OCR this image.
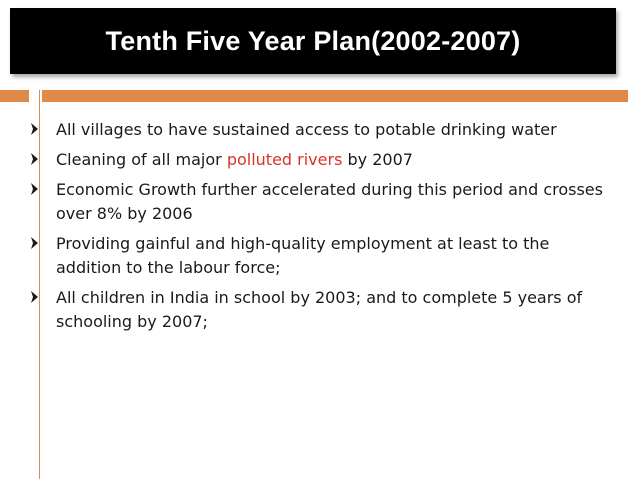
Tenth Five Year Plan(2002-2007)
All villages to have sustained access to potable drinking water
Cleaning of all major polluted rivers by 2007
Economic Growth further accelerated during this period and crosses over 8% by 2006
Providing gainful and high-quality employment at least to the addition to the labour force;
All children in India in school by 2003; and to complete 5 years of schooling by 2007;
